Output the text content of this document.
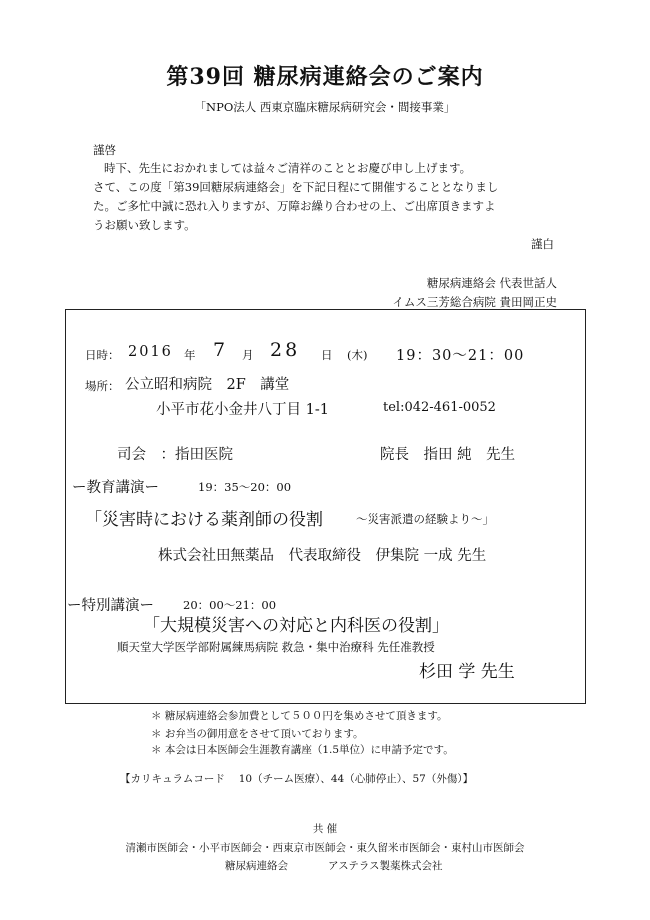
第39回 糖尿病連絡会のご案内
「NPO法人 西東京臨床糖尿病研究会・間接事業」
謹啓
時下、先生におかれましては益々ご清祥のこととお慶び申し上げます。
さて、この度「第39回糖尿病連絡会」を下記日程にて開催することとなりまし
た。ご多忙中誠に恐れ入りますが、万障お繰り合わせの上、ご出席頂きますよ
うお願い致します。
謹白
糖尿病連絡会 代表世話人
イムス三芳総合病院 貴田岡正史
日時： 2016 年 7 月 28 日 (木) 19：30〜21：00
場所： 公立昭和病院　2F　講堂
小平市花小金井八丁目 1-1	tel:042-461-0052
司会　：指田医院	院長　指田 純　先生
ー教育講演ー	19：35〜20：00
「災害時における薬剤師の役割	〜災害派遣の経験より〜」
株式会社田無薬品　代表取締役　伊集院 一成 先生
ー特別講演ー	20：00〜21：00
「大規模災害への対応と内科医の役割」
順天堂大学医学部附属練馬病院 救急・集中治療科 先任准教授
杉田 学 先生
＊ 糖尿病連絡会参加費として５００円を集めさせて頂きます。
＊ お弁当の御用意をさせて頂いております。
＊ 本会は日本医師会生涯教育講座（1.5単位）に申請予定です。
【カリキュラムコード　 10（チーム医療）、44（心肺停止）、57（外傷）】
共 催
清瀬市医師会・小平市医師会・西東京市医師会・東久留米市医師会・東村山市医師会
糖尿病連絡会	アステラス製薬株式会社
